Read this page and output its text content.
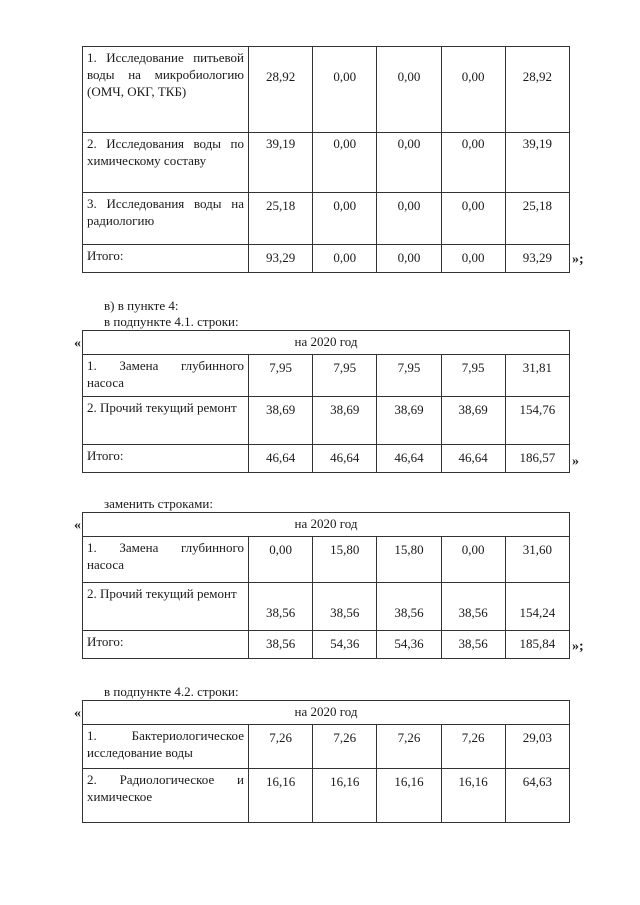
1. Исследование питьевой воды на микробиологию (ОМЧ, ОКГ, ТКБ)	28,92	0,00	0,00	0,00	28,92
2. Исследования воды по химическому составу	39,19	0,00	0,00	0,00	39,19
3. Исследования воды на радиологию	25,18	0,00	0,00	0,00	25,18
Итого:	93,29	0,00	0,00	0,00	93,29 »;
в) в пункте 4:
в подпункте 4.1. строки:
«	на 2020 год					
1. Замена глубинного насоса	7,95	7,95	7,95	7,95	31,81
2. Прочий текущий ремонт	38,69	38,69	38,69	38,69	154,76
Итого:	46,64	46,64	46,64	46,64	186,57 »
заменить строками:
«	на 2020 год					
1. Замена глубинного насоса	0,00	15,80	15,80	0,00	31,60
2. Прочий текущий ремонт	38,56	38,56	38,56	38,56	154,24
Итого:	38,56	54,36	54,36	38,56	185,84 »;
в подпункте 4.2. строки:
«	на 2020 год					
1. Бактериологическое исследование воды	7,26	7,26	7,26	7,26	29,03
2. Радиологическое и химическое	16,16	16,16	16,16	16,16	64,63
